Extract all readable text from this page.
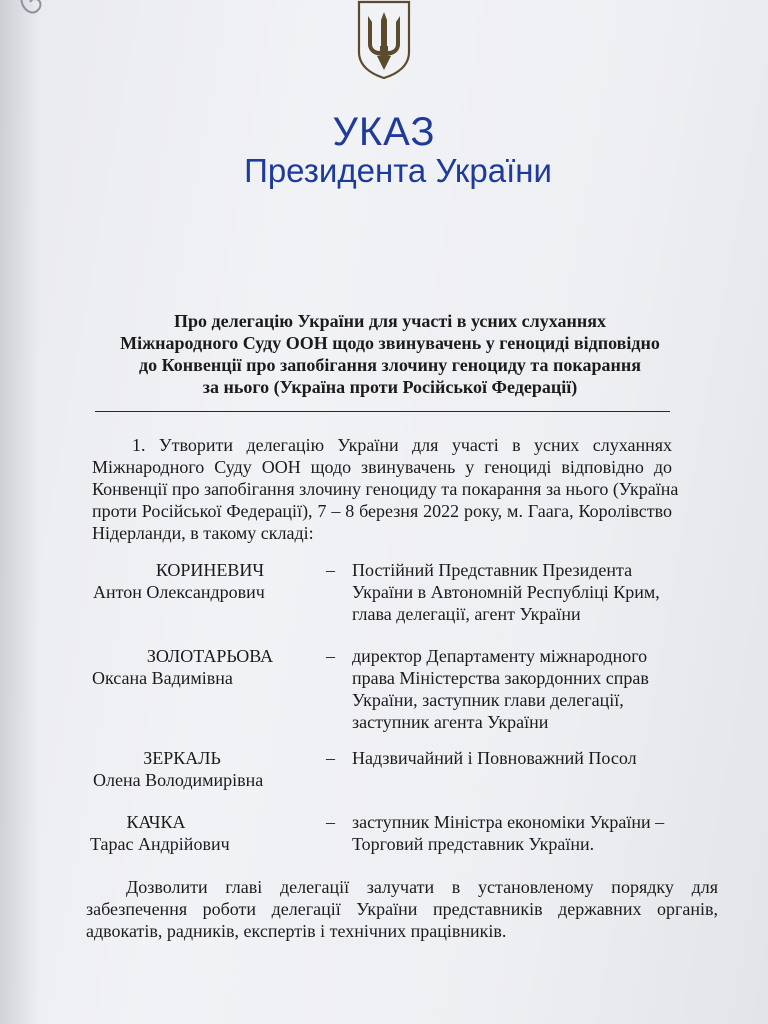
УКАЗ
Президента України
Про делегацію України для участі в усних слуханнях
Міжнародного Суду ООН щодо звинувачень у геноциді відповідно
до Конвенції про запобігання злочину геноциду та покарання
за нього (Україна проти Російської Федерації)
1. Утворити делегацію України для участі в усних слуханнях
Міжнародного Суду ООН щодо звинувачень у геноциді відповідно до
Конвенції про запобігання злочину геноциду та покарання за нього (Україна
проти Російської Федерації), 7 – 8 березня 2022 року, м. Гаага, Королівство
Нідерланди, в такому складі:
КОРИНЕВИЧ
Антон Олександрович
– Постійний Представник Президента
України в Автономній Республіці Крим,
глава делегації, агент України
ЗОЛОТАРЬОВА
Оксана Вадимівна
– директор Департаменту міжнародного
права Міністерства закордонних справ
України, заступник глави делегації,
заступник агента України
ЗЕРКАЛЬ
Олена Володимирівна
– Надзвичайний і Повноважний Посол
КАЧКА
Тарас Андрійович
– заступник Міністра економіки України –
Торговий представник України.
Дозволити главі делегації залучати в установленому порядку для
забезпечення роботи делегації України представників державних органів,
адвокатів, радників, експертів і технічних працівників.
